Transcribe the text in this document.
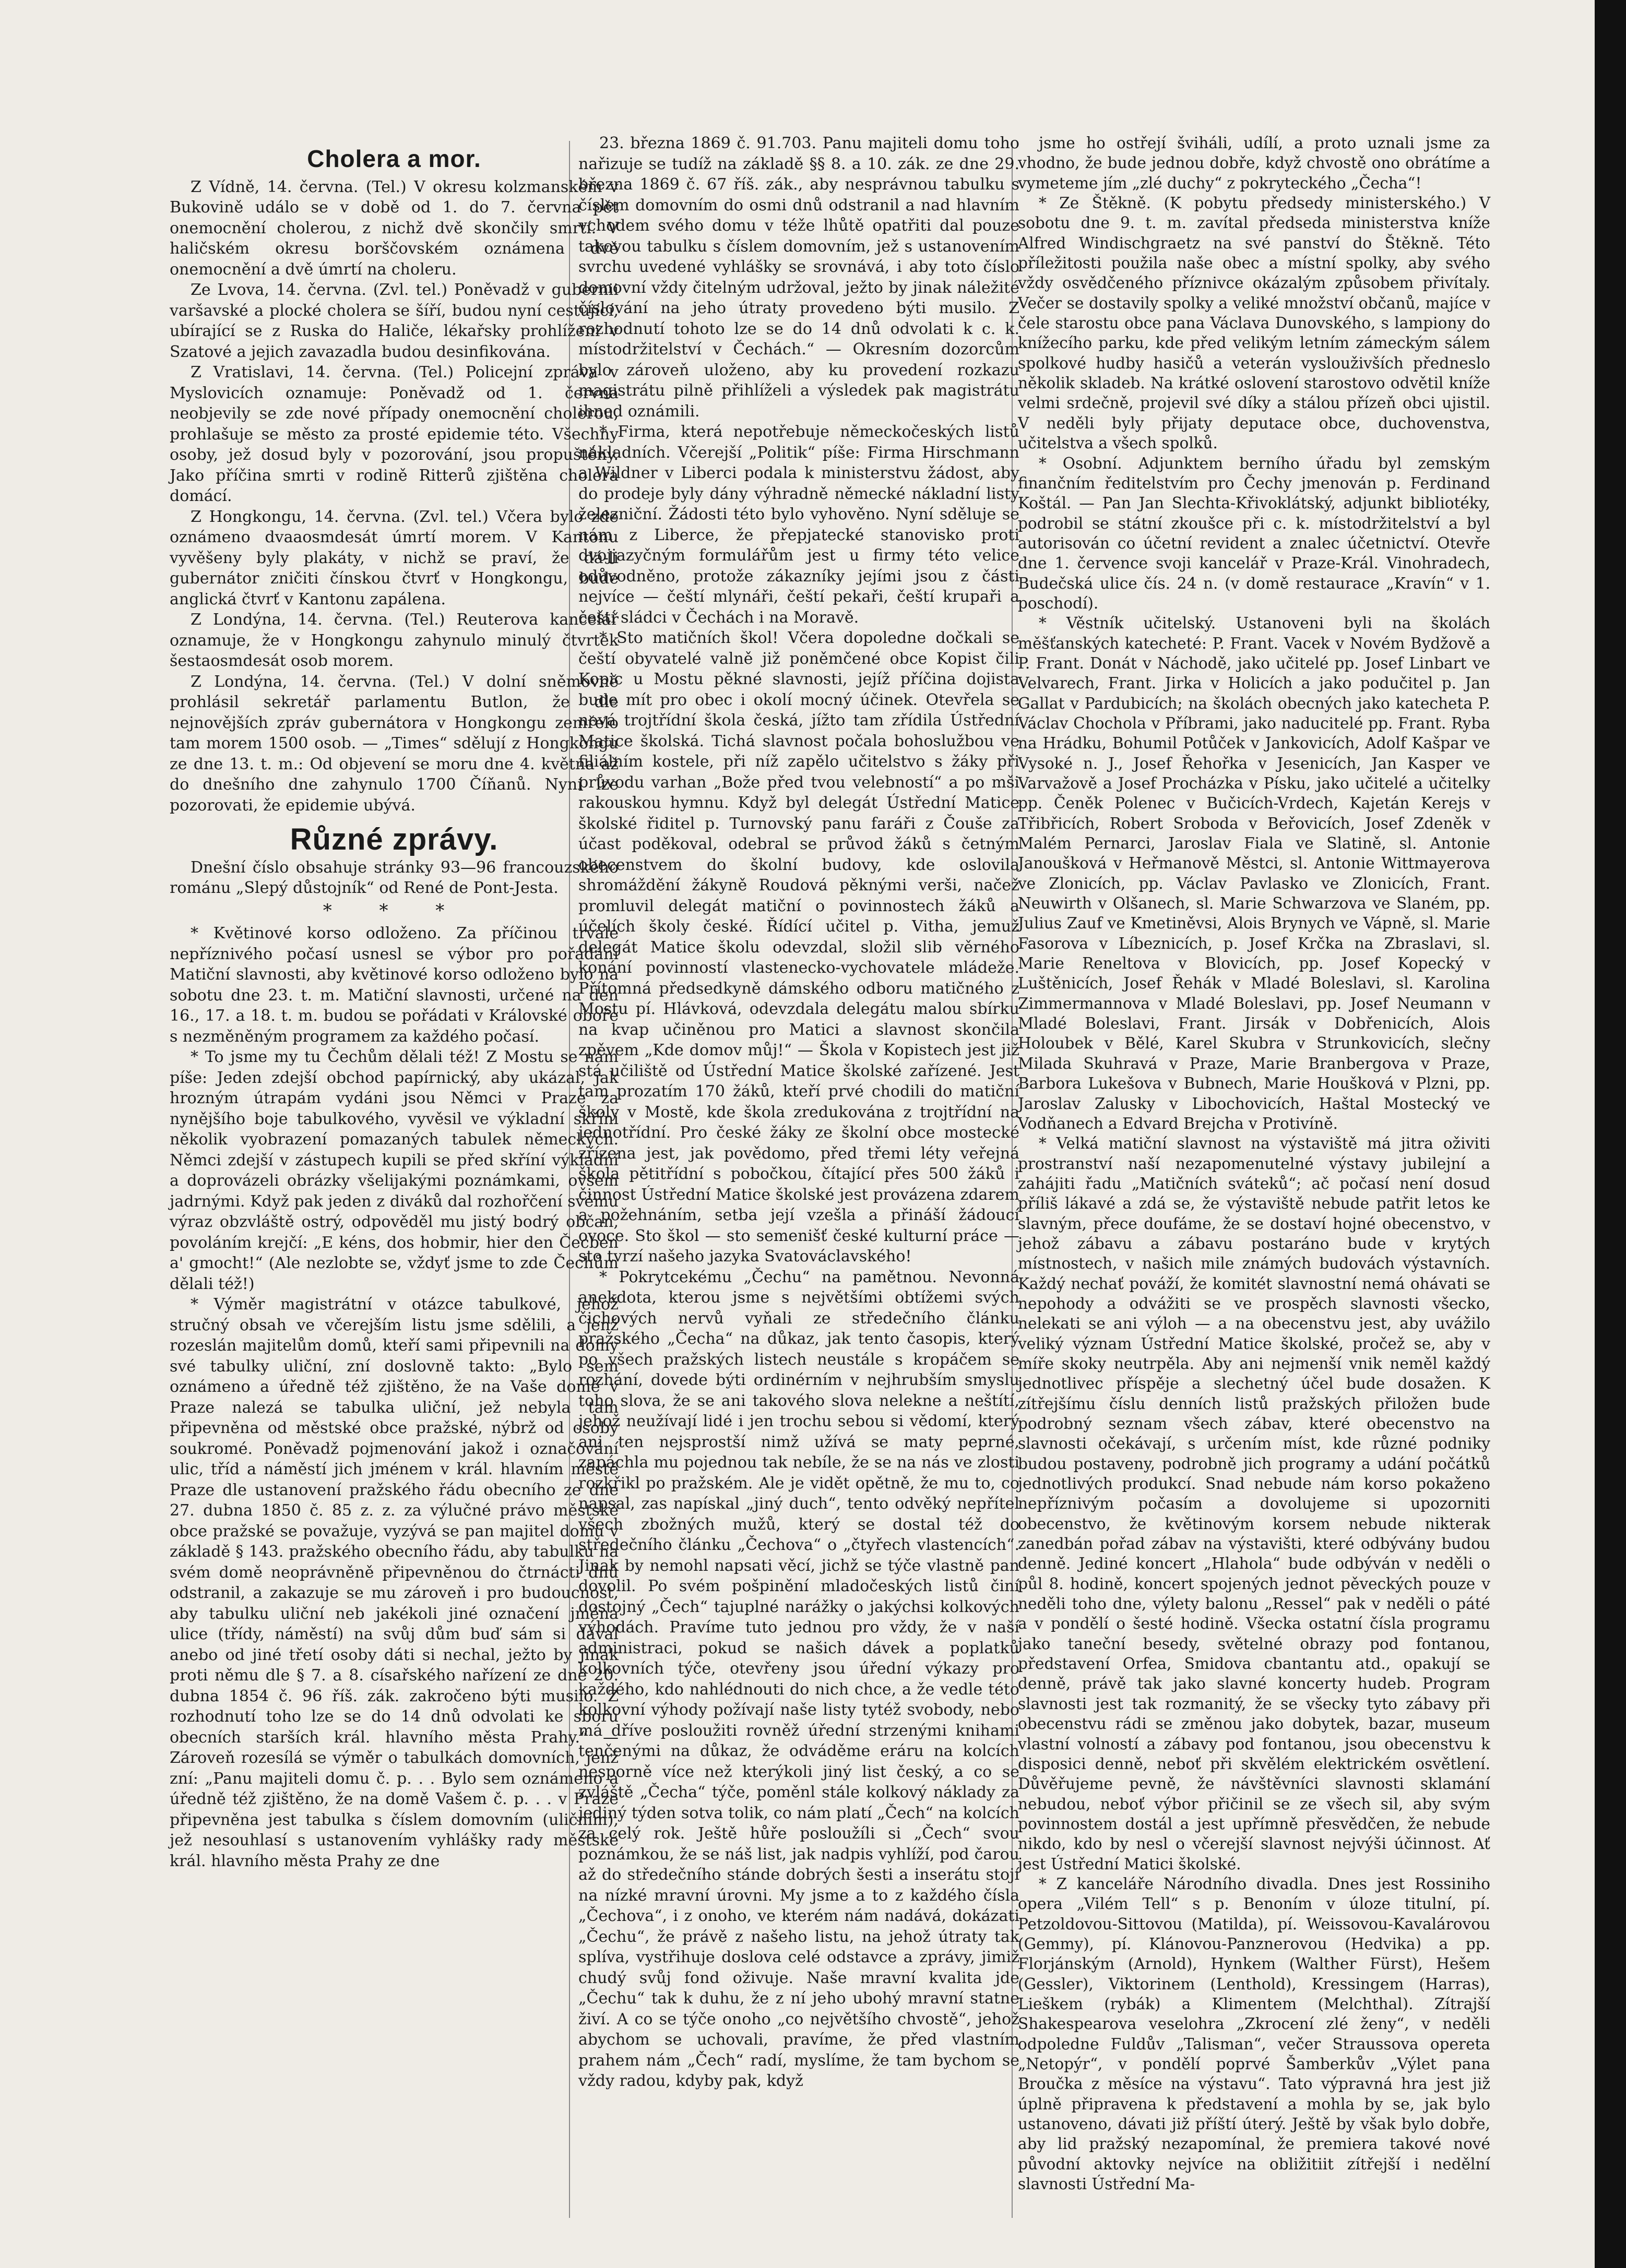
Cholera a mor.

Z Vídně, 14. června. (Tel.) V okresu kolzmanském v Bukovině událo se v době od 1. do 7. června pět onemocnění cholerou, z nichž dvě skončily smrtí. V haličském okresu borščovském oznámena dvě onemocnění a dvě úmrtí na choleru.

Ze Lvova, 14. června. (Zvl. tel.) Poněvadž v gubernii varšavské a plocké cholera se šíří, budou nyní cestující, ubírající se z Ruska do Haliče, lékařsky prohlíženi v Szatové a jejich zavazadla budou desinfikována.

Z Vratislavi, 14. června. (Tel.) Policejní zpráva v Myslovicích oznamuje: Poněvadž od 1. června neobjevily se zde nové případy onemocnění cholerou, prohlašuje se město za prosté epidemie této. Všechny osoby, jež dosud byly v pozorování, jsou propuštěny. Jako příčina smrti v rodině Ritterů zjištěna cholera domácí.

Z Hongkongu, 14. června. (Zvl. tel.) Včera bylo zde oznámeno dvaaosmdesát úmrtí morem. V Kantonu vyvěšeny byly plakáty, v nichž se praví, že dá-li gubernátor zničiti čínskou čtvrť v Hongkongu, bude anglická čtvrť v Kantonu zapálena.

Z Londýna, 14. června. (Tel.) Reuterova kancelář oznamuje, že v Hongkongu zahynulo minulý čtvrtek šestaosmdesát osob morem.

Z Londýna, 14. června. (Tel.) V dolní sněmovně prohlásil sekretář parlamentu Butlon, že dle nejnovějších zpráv gubernátora v Hongkongu zemřelo tam morem 1500 osob. — „Times“ sdělují z Hongkongu ze dne 13. t. m.: Od objevení se moru dne 4. května až do dnešního dne zahynulo 1700 Číňanů. Nyní lze pozorovati, že epidemie ubývá.

Různé zprávy.

Dnešní číslo obsahuje stránky 93—96 francouzského románu „Slepý důstojník“ od René de Pont-Jesta.

* * *

* Květinové korso odloženo. Za příčinou trvale nepříznivého počasí usnesl se výbor pro pořádání Matiční slavnosti, aby květinové korso odloženo bylo na sobotu dne 23. t. m. Matiční slavnosti, určené na den 16., 17. a 18. t. m. budou se pořádati v Královské oboře s nezměněným programem za každého počasí.

* To jsme my tu Čechům dělali též! Z Mostu se nám píše: Jeden zdejší obchod papírnický, aby ukázal, jak hrozným útrapám vydáni jsou Němci v Praze za nynějšího boje tabulkového, vyvěsil ve výkladní skříni několik vyobrazení pomazaných tabulek německých. Němci zdejší v zástupech kupili se před skříní výkladní a doprovázeli obrázky všelijakými poznámkami, ovšem jadrnými. Když pak jeden z diváků dal rozhořčení svému výraz obzvláště ostrý, odpověděl mu jistý bodrý občan, povoláním krejčí: „E kéns, dos hobmir, hier den Čecben a' gmocht!“ (Ale nezlobte se, vždyť jsme to zde Čechům dělali též!)

* Výměr magistrátní v otázce tabulkové, jehož stručný obsah ve včerejším listu jsme sdělili, a jenž rozeslán majitelům domů, kteří sami připevnili na domy své tabulky uliční, zní doslovně takto: „Bylo sem oznámeno a úředně též zjištěno, že na Vaše domě v Praze nalezá se tabulka uliční, jež nebyla tam připevněna od městské obce pražské, nýbrž od osoby soukromé. Poněvadž pojmenování jakož i označování ulic, tříd a náměstí jich jménem v král. hlavním městě Praze dle ustanovení pražského řádu obecního ze dne 27. dubna 1850 č. 85 z. z. za výlučné právo městské obce pražské se považuje, vyzývá se pan majitel domu v základě § 143. pražského obecního řádu, aby tabulku na svém domě neoprávněně připevněnou do čtrnácti dnů odstranil, a zakazuje se mu zároveň i pro budoucnost, aby tabulku uliční neb jakékoli jiné označení jména ulice (třídy, náměstí) na svůj dům buď sám si dával anebo od jiné třetí osoby dáti si nechal, ježto by jinak proti němu dle § 7. a 8. císařského nařízení ze dne 20. dubna 1854 č. 96 říš. zák. zakročeno býti musilo. Z rozhodnutí toho lze se do 14 dnů odvolati ke sboru obecních starších král. hlavního města Prahy.“ — Zároveň rozesílá se výměr o tabulkách domovních, jenž zní: „Panu majiteli domu č. p. . . Bylo sem oznámeno a úředně též zjištěno, že na domě Vašem č. p. . . v Praze připevněna jest tabulka s číslem domovním (uličním), jež nesouhlasí s ustanovením vyhlášky rady městské král. hlavního města Prahy ze dne

23. března 1869 č. 91.703. Panu majiteli domu toho nařizuje se tudíž na základě §§ 8. a 10. zák. ze dne 29. března 1869 č. 67 říš. zák., aby nesprávnou tabulku s číslem domovním do osmi dnů odstranil a nad hlavním vchodem svého domu v téže lhůtě opatřiti dal pouze takovou tabulku s číslem domovním, jež s ustanovením svrchu uvedené vyhlášky se srovnává, i aby toto číslo domovní vždy čitelným udržoval, ježto by jinak náležité číslování na jeho útraty provedeno býti musilo. Z rozhodnutí tohoto lze se do 14 dnů odvolati k c. k. místodržitelství v Čechách.“ — Okresním dozorcům bylo zároveň uloženo, aby ku provedení rozkazu magistrátu pilně přihlíželi a výsledek pak magistrátu ihned oznámili.

* Firma, která nepotřebuje německočeských listů nákladních. Včerejší „Politik“ píše: Firma Hirschmann a Wildner v Liberci podala k ministerstvu žádost, aby do prodeje byly dány výhradně německé nákladní listy železniční. Žádosti této bylo vyhověno. Nyní sděluje se nám z Liberce, že přepjatecké stanovisko proti dvojjazyčným formulářům jest u firmy této velice odůvodněno, protože zákazníky jejími jsou z části nejvíce — čeští mlynáři, čeští pekaři, čeští krupaři a čeští sládci v Čechách i na Moravě.

* Sto matičních škol! Včera dopoledne dočkali se čeští obyvatelé valně již poněmčené obce Kopist čili Kopic u Mostu pěkné slavnosti, jejíž příčina dojista bude mít pro obec i okolí mocný účinek. Otevřela se nová trojtřídní škola česká, jížto tam zřídila Ústřední Matice školská. Tichá slavnost počala bohoslužbou ve filiálním kostele, při níž zapělo učitelstvo s žáky při průvodu varhan „Bože před tvou velebností“ a po mši rakouskou hymnu. Když byl delegát Ústřední Matice školské řiditel p. Turnovský panu faráři z Čouše za účast poděkoval, odebral se průvod žáků s četným obecenstvem do školní budovy, kde oslovila shromáždění žákyně Roudová pěknými verši, načež promluvil delegát matiční o povinnostech žáků a účelích školy české. Řídící učitel p. Vitha, jemuž delegát Matice školu odevzdal, složil slib věrného konání povinností vlastenecko-vychovatele mládeže. Přítomná předsedkyně dámského odboru matičného z Mostu pí. Hlávková, odevzdala delegátu malou sbírku na kvap učiněnou pro Matici a slavnost skončila zpěvem „Kde domov můj!“ — Škola v Kopistech jest již stá učiliště od Ústřední Matice školské zařízené. Jest tam prozatím 170 žáků, kteří prvé chodili do matiční školy v Mostě, kde škola zredukována z trojtřídní na jednotřídní. Pro české žáky ze školní obce mostecké zřízena jest, jak povědomo, před třemi léty veřejná škola pětitřídní s pobočkou, čítající přes 500 žáků i činnost Ústřední Matice školské jest provázena zdarem a požehnáním, setba její vzešla a přináší žádoucí ovoce. Sto škol — sto semenišť české kulturní práce — sto tvrzí našeho jazyka Svatováclavského!

* Pokrytcekému „Čechu“ na pamětnou. Nevonná anekdota, kterou jsme s největšími obtížemi svých čichových nervů vyňali ze středečního článku pražského „Čecha“ na důkaz, jak tento časopis, který po všech pražských listech neustále s kropáčem se rozhání, dovede býti ordinérním v nejhrubším smyslu toho slova, že se ani takového slova nelekne a neštítí, jehož neužívají lidé i jen trochu sebou si vědomí, který ani ten nejsprostší nimž užívá se maty peprné, zapáchla mu pojednou tak nebíle, že se na nás ve zlosti rozkřikl po pražském. Ale je vidět opětně, že mu to, co napsal, zas napískal „jiný duch“, tento odvěký nepřítel všech zbožných mužů, který se dostal též do středečního článku „Čechova“ o „čtyřech vlastencích“. Jinak by nemohl napsati věcí, jichž se týče vlastně pan dovolil. Po svém pošpinění mladočeských listů činí dostojný „Čech“ tajuplné narážky o jakýchsi kolkových výhodách. Pravíme tuto jednou pro vždy, že v naší administraci, pokud se našich dávek a poplatků kolkovních týče, otevřeny jsou úřední výkazy pro každého, kdo nahlédnouti do nich chce, a že vedle této kolkovní výhody požívají naše listy tytéž svobody, nebo má dříve posloužiti rovněž úřední strzenými knihami tenčenými na důkaz, že odváděme eráru na kolcích nesporně více než kterýkoli jiný list český, a co se zvláště „Čecha“ týče, poměnl stále kolkový náklady za jediný týden sotva tolik, co nám platí „Čech“ na kolcích za celý rok. Ještě hůře posloužíli si „Čech“ svou poznámkou, že se náš list, jak nadpis vyhlíží, pod čarou až do středečního stánde dobrých šesti a inserátu stojí na nízké mravní úrovni. My jsme a to z každého čísla „Čechova“, i z onoho, ve kterém nám nadává, dokázati „Čechu“, že právě z našeho listu, na jehož útraty tak splíva, vystřihuje doslova celé odstavce a zprávy, jimiž chudý svůj fond oživuje. Naše mravní kvalita jde „Čechu“ tak k duhu, že z ní jeho ubohý mravní statne živí. A co se týče onoho „co největšího chvostě“, jehož abychom se uchovali, pravíme, že před vlastním prahem nám „Čech“ radí, myslíme, že tam bychom se vždy radou, kdyby pak, když

jsme ho ostřejí šviháli, udílí, a proto uznali jsme za vhodno, že bude jednou dobře, když chvostě ono obrátíme a vymeteme jím „zlé duchy“ z pokryteckého „Čecha“!

* Ze Štěkně. (K pobytu předsedy ministerského.) V sobotu dne 9. t. m. zavítal předseda ministerstva kníže Alfred Windischgraetz na své panství do Štěkně. Této příležitosti použila naše obec a místní spolky, aby svého vždy osvědčeného příznivce okázalým způsobem přivítaly. Večer se dostavily spolky a veliké množství občanů, majíce v čele starostu obce pana Václava Dunovského, s lampiony do knížecího parku, kde před velikým letním zámeckým sálem spolkové hudby hasičů a veterán vyslouživších předneslo několik skladeb. Na krátké oslovení starostovo odvětil kníže velmi srdečně, projevil své díky a stálou přízeň obci ujistil. V neděli byly přijaty deputace obce, duchovenstva, učitelstva a všech spolků.

* Osobní. Adjunktem berního úřadu byl zemským finančním ředitelstvím pro Čechy jmenován p. Ferdinand Koštál. — Pan Jan Slechta-Křivoklátský, adjunkt bibliotéky, podrobil se státní zkoušce při c. k. místodržitelství a byl autorisován co účetní revident a znalec účetnictví. Otevře dne 1. července svoji kancelář v Praze-Král. Vinohradech, Budečská ulice čís. 24 n. (v domě restaurace „Kravín“ v 1. poschodí).

* Věstník učitelský. Ustanoveni byli na školách měšťanských katecheté: P. Frant. Vacek v Novém Bydžově a P. Frant. Donát v Náchodě, jako učitelé pp. Josef Linbart ve Velvarech, Frant. Jirka v Holicích a jako podučitel p. Jan Gallat v Pardubicích; na školách obecných jako katecheta P. Václav Chochola v Příbrami, jako naducitelé pp. Frant. Ryba na Hrádku, Bohumil Potůček v Jankovicích, Adolf Kašpar ve Vysoké n. J., Josef Řehořka v Jesenicích, Jan Kasper ve Varvažově a Josef Procházka v Písku, jako učitelé a učitelky pp. Čeněk Polenec v Bučicích-Vrdech, Kajetán Kerejs v Třibřicích, Robert Sroboda v Beřovicích, Josef Zdeněk v Malém Pernarci, Jaroslav Fiala ve Slatině, sl. Antonie Janoušková v Heřmanově Městci, sl. Antonie Wittmayerova ve Zlonicích, pp. Václav Pavlasko ve Zlonicích, Frant. Neuwirth v Olšanech, sl. Marie Schwarzova ve Slaném, pp. Julius Zauf ve Kmetiněvsi, Alois Brynych ve Vápně, sl. Marie Fasorova v Líbeznicích, p. Josef Krčka na Zbraslavi, sl. Marie Reneltova v Blovicích, pp. Josef Kopecký v Luštěnicích, Josef Řehák v Mladé Boleslavi, sl. Karolina Zimmermannova v Mladé Boleslavi, pp. Josef Neumann v Mladé Boleslavi, Frant. Jirsák v Dobřenicích, Alois Holoubek v Bělé, Karel Skubra v Strunkovicích, slečny Milada Skuhravá v Praze, Marie Branbergova v Praze, Barbora Lukešova v Bubnech, Marie Houšková v Plzni, pp. Jaroslav Zalusky v Libochovicích, Haštal Mostecký ve Vodňanech a Edvard Brejcha v Protivíně.

* Velká matiční slavnost na výstaviště má jitra oživiti prostranství naší nezapomenutelné výstavy jubilejní a zahájiti řadu „Matičních sváteků“; ač počasí není dosud příliš lákavé a zdá se, že výstaviště nebude patřit letos ke slavným, přece doufáme, že se dostaví hojné obecenstvo, v jehož zábavu a zábavu postaráno bude v krytých místnostech, v našich mile známých budovách výstavních. Každý nechať pováží, že komitét slavnostní nemá ohávati se nepohody a odvážiti se ve prospěch slavnosti všecko, nelekati se ani výloh — a na obecenstvu jest, aby uvážilo veliký význam Ústřední Matice školské, pročež se, aby v míře skoky neutrpěla. Aby ani nejmenší vnik neměl každý jednotlivec příspěje a slechetný účel bude dosažen. K zítřejšímu číslu denních listů pražských přiložen bude podrobný seznam všech zábav, které obecenstvo na slavnosti očekávají, s určením míst, kde různé podniky budou postaveny, podrobně jich programy a udání počátků jednotlivých produkcí. Snad nebude nám korso pokaženo nepříznivým počasím a dovolujeme si upozorniti obecenstvo, že květinovým korsem nebude nikterak zanedbán pořad zábav na výstavišti, které odbývány budou denně. Jediné koncert „Hlahola“ bude odbýván v neděli o půl 8. hodině, koncert spojených jednot pěveckých pouze v neděli toho dne, výlety balonu „Ressel“ pak v neděli o páté a v pondělí o šesté hodině. Všecka ostatní čísla programu jako taneční besedy, světelné obrazy pod fontanou, představení Orfea, Smidova cbantantu atd., opakují se denně, právě tak jako slavné koncerty hudeb. Program slavnosti jest tak rozmanitý, že se všecky tyto zábavy při obecenstvu rádi se změnou jako dobytek, bazar, museum vlastní volností a zábavy pod fontanou, jsou obecenstvu k disposici denně, neboť při skvělém elektrickém osvětlení. Důvěřujeme pevně, že návštěvníci slavnosti sklamání nebudou, neboť výbor přičinil se ze všech sil, aby svým povinnostem dostál a jest upřímně přesvědčen, že nebude nikdo, kdo by nesl o včerejší slavnost nejvýši účinnost. Ať jest Ústřední Matici školské.

* Z kanceláře Národního divadla. Dnes jest Rossiniho opera „Vilém Tell“ s p. Benoním v úloze titulní, pí. Petzoldovou-Sittovou (Matilda), pí. Weissovou-Kavalárovou (Gemmy), pí. Klánovou-Panznerovou (Hedvika) a pp. Florjánským (Arnold), Hynkem (Walther Fürst), Hešem (Gessler), Viktorinem (Lenthold), Kressingem (Harras), Lieškem (rybák) a Klimentem (Melchthal). Zítrajší Shakespearova veselohra „Zkrocení zlé ženy“, v neděli odpoledne Fuldův „Talisman“, večer Straussova opereta „Netopýr“, v pondělí poprvé Šamberkův „Výlet pana Broučka z měsíce na výstavu“. Tato výpravná hra jest již úplně připravena k představení a mohla by se, jak bylo ustanoveno, dávati již příští úterý. Ještě by však bylo dobře, aby lid pražský nezapomínal, že premiera takové nové původní aktovky nejvíce na obližitiit zítřejší i nedělní slavnosti Ústřední Ma-
